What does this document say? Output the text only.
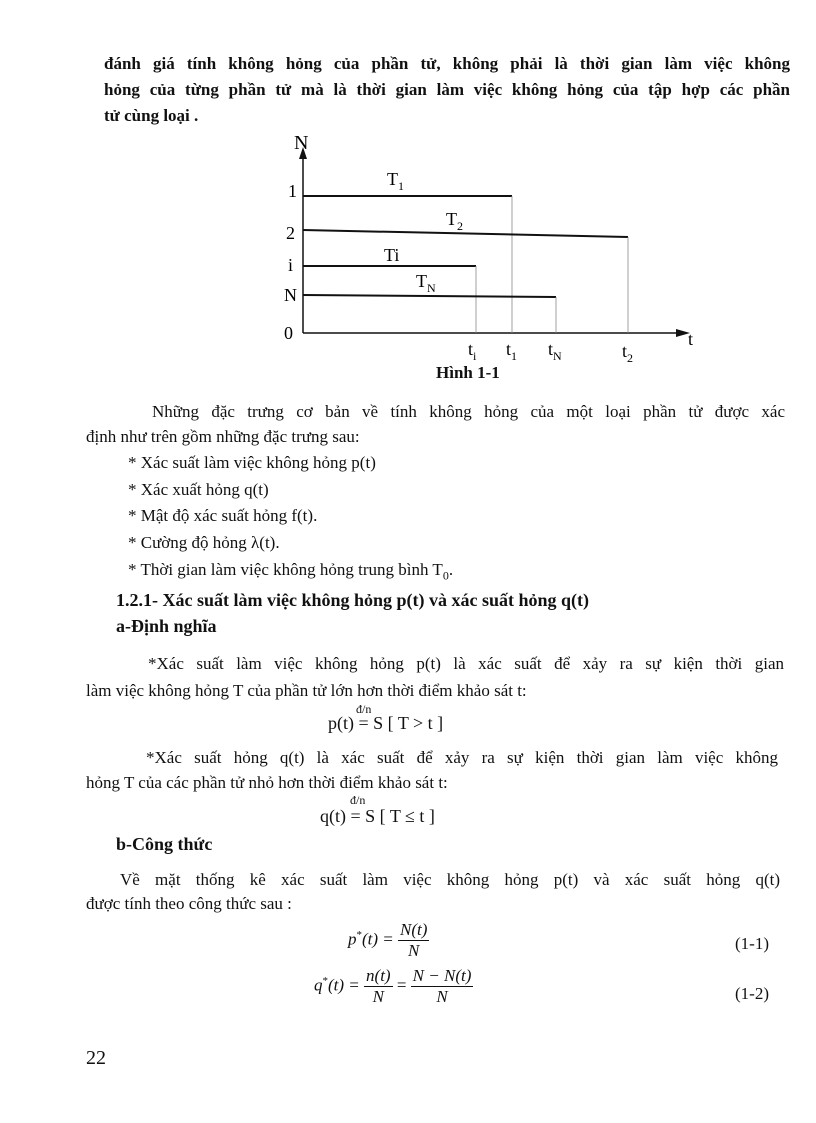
đánh giá tính không hỏng của phần tử, không phải là thời gian làm việc không
hỏng của từng phần tử mà là thời gian làm việc không hỏng của tập hợp các phần
tử cùng loại .
N
t
0
1
$T_1$
2
$T_2$
i	Ti
N
$T_N$
$t_i$ $t_1$ $t_N$	$t_2$
Hình 1-1
Những đặc trưng cơ bản về tính không hỏng của một loại phần tử được xác
định như trên gồm những đặc trưng sau:
* Xác suất làm việc không hỏng p(t)
* Xác xuất hỏng q(t)
* Mật độ xác suất hỏng f(t).
* Cường độ hỏng λ(t).
* Thời gian làm việc không hỏng trung bình $T_0$.
1.2.1- Xác suất làm việc không hỏng p(t) và xác suất hỏng q(t)
a-Định nghĩa
*Xác suất làm việc không hỏng p(t) là xác suất để xảy ra sự kiện thời gian
làm việc không hỏng T của phần tử lớn hơn thời điểm khảo sát t:
đ/n
p(t) = S [ T > t ]
*Xác suất hỏng q(t) là xác suất để xảy ra sự kiện thời gian làm việc không
hỏng T của các phần tử nhỏ hơn thời điểm khảo sát t:
đ/n
q(t) = S [ T ≤ t ]
b-Công thức
Về mặt thống kê xác suất làm việc không hỏng p(t) và xác suất hỏng q(t)
được tính theo công thức sau :
$p^*(t) = \frac{N(t)}{N}$	(1-1)
$q^*(t) = \frac{n(t)}{N} = \frac{N - N(t)}{N}$	(1-2)
22
